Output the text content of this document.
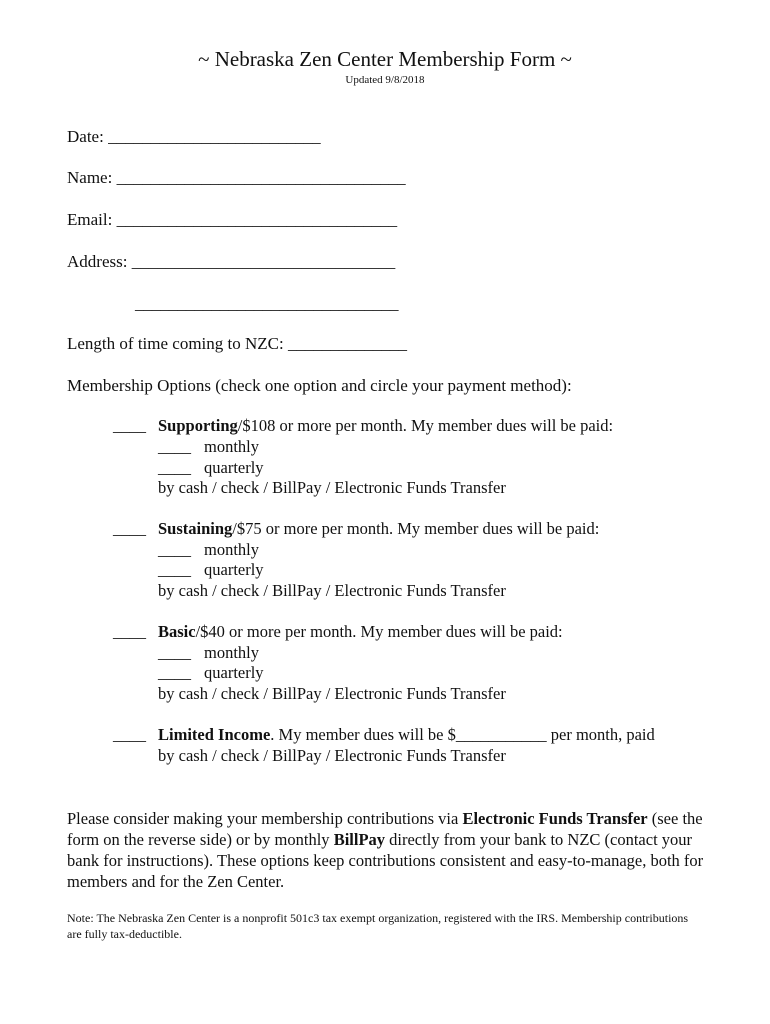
~ Nebraska Zen Center Membership Form ~
Updated 9/8/2018
Date: _________________________
Name: __________________________________
Email: _________________________________
Address: _______________________________
_______________________________
Length of time coming to NZC: ______________
Membership Options (check one option and circle your payment method):
____ Supporting/$108 or more per month. My member dues will be paid:
____ monthly
____ quarterly
by cash / check / BillPay / Electronic Funds Transfer
____ Sustaining/$75 or more per month. My member dues will be paid:
____ monthly
____ quarterly
by cash / check / BillPay / Electronic Funds Transfer
____ Basic/$40 or more per month. My member dues will be paid:
____ monthly
____ quarterly
by cash / check / BillPay / Electronic Funds Transfer
____ Limited Income. My member dues will be $___________ per month, paid
by cash / check / BillPay / Electronic Funds Transfer
Please consider making your membership contributions via Electronic Funds Transfer (see the form on the reverse side) or by monthly BillPay directly from your bank to NZC (contact your bank for instructions). These options keep contributions consistent and easy-to-manage, both for members and for the Zen Center.
Note: The Nebraska Zen Center is a nonprofit 501c3 tax exempt organization, registered with the IRS. Membership contributions are fully tax-deductible.
